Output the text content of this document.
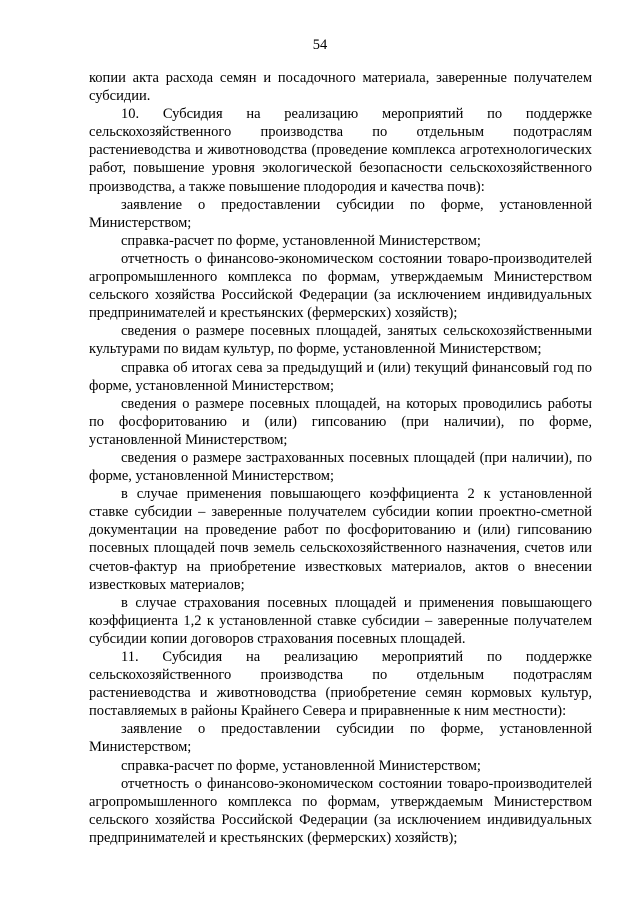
54

копии акта расхода семян и посадочного материала, заверенные получателем субсидии.

10. Субсидия на реализацию мероприятий по поддержке сельскохозяйственного производства по отдельным подотраслям растениеводства и животноводства (проведение комплекса агротехнологических работ, повышение уровня экологической безопасности сельскохозяйственного производства, а также повышение плодородия и качества почв):

заявление о предоставлении субсидии по форме, установленной Министерством;

справка-расчет по форме, установленной Министерством;

отчетность о финансово-экономическом состоянии товаро-производителей агропромышленного комплекса по формам, утверждаемым Министерством сельского хозяйства Российской Федерации (за исключением индивидуальных предпринимателей и крестьянских (фермерских) хозяйств);

сведения о размере посевных площадей, занятых сельскохозяйственными культурами по видам культур, по форме, установленной Министерством;

справка об итогах сева за предыдущий и (или) текущий финансовый год по форме, установленной Министерством;

сведения о размере посевных площадей, на которых проводились работы по фосфоритованию и (или) гипсованию (при наличии), по форме, установленной Министерством;

сведения о размере застрахованных посевных площадей (при наличии), по форме, установленной Министерством;

в случае применения повышающего коэффициента 2 к установленной ставке субсидии – заверенные получателем субсидии копии проектно-сметной документации на проведение работ по фосфоритованию и (или) гипсованию посевных площадей почв земель сельскохозяйственного назначения, счетов или счетов-фактур на приобретение известковых материалов, актов о внесении известковых материалов;

в случае страхования посевных площадей и применения повышающего коэффициента 1,2 к установленной ставке субсидии – заверенные получателем субсидии копии договоров страхования посевных площадей.

11. Субсидия на реализацию мероприятий по поддержке сельскохозяйственного производства по отдельным подотраслям растениеводства и животноводства (приобретение семян кормовых культур, поставляемых в районы Крайнего Севера и приравненные к ним местности):

заявление о предоставлении субсидии по форме, установленной Министерством;

справка-расчет по форме, установленной Министерством;

отчетность о финансово-экономическом состоянии товаро-производителей агропромышленного комплекса по формам, утверждаемым Министерством сельского хозяйства Российской Федерации (за исключением индивидуальных предпринимателей и крестьянских (фермерских) хозяйств);
